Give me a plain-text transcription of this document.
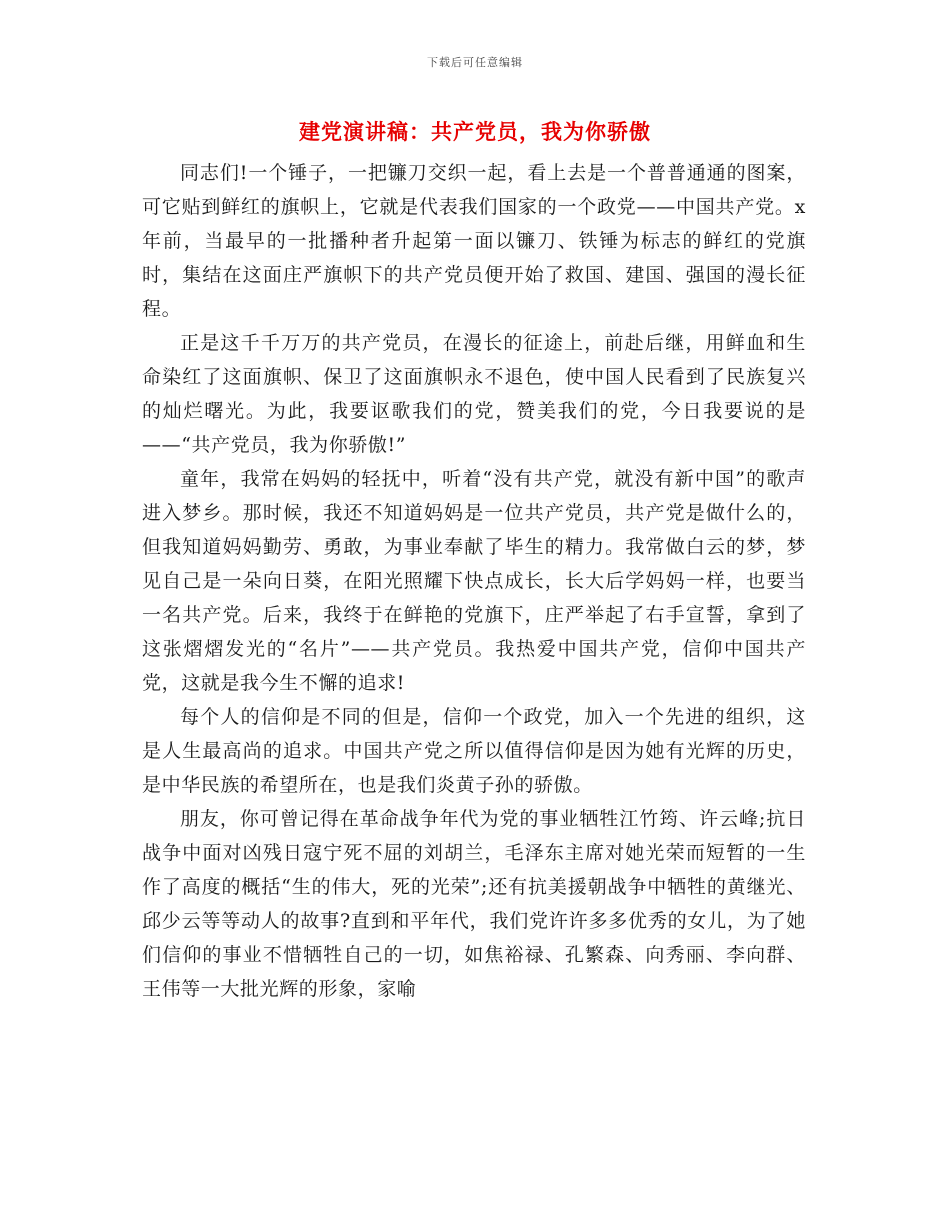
下载后可任意编辑
建党演讲稿：共产党员，我为你骄傲

同志们!一个锤子，一把镰刀交织一起，看上去是一个普普通通的图案，可它贴到鲜红的旗帜上，它就是代表我们国家的一个政党——中国共产党。x年前，当最早的一批播种者升起第一面以镰刀、铁锤为标志的鲜红的党旗时，集结在这面庄严旗帜下的共产党员便开始了救国、建国、强国的漫长征程。

正是这千千万万的共产党员，在漫长的征途上，前赴后继，用鲜血和生命染红了这面旗帜、保卫了这面旗帜永不退色，使中国人民看到了民族复兴的灿烂曙光。为此，我要讴歌我们的党，赞美我们的党，今日我要说的是——“共产党员，我为你骄傲!”

童年，我常在妈妈的轻抚中，听着“没有共产党，就没有新中国”的歌声进入梦乡。那时候，我还不知道妈妈是一位共产党员，共产党是做什么的，但我知道妈妈勤劳、勇敢，为事业奉献了毕生的精力。我常做白云的梦，梦见自己是一朵向日葵，在阳光照耀下快点成长，长大后学妈妈一样，也要当一名共产党。后来，我终于在鲜艳的党旗下，庄严举起了右手宣誓，拿到了这张熠熠发光的“名片”——共产党员。我热爱中国共产党，信仰中国共产党，这就是我今生不懈的追求!

每个人的信仰是不同的但是，信仰一个政党，加入一个先进的组织，这是人生最高尚的追求。中国共产党之所以值得信仰是因为她有光辉的历史，是中华民族的希望所在，也是我们炎黄子孙的骄傲。

朋友，你可曾记得在革命战争年代为党的事业牺牲江竹筠、许云峰;抗日战争中面对凶残日寇宁死不屈的刘胡兰，毛泽东主席对她光荣而短暂的一生作了高度的概括“生的伟大，死的光荣”;还有抗美援朝战争中牺牲的黄继光、邱少云等等动人的故事?直到和平年代，我们党许许多多优秀的女儿，为了她们信仰的事业不惜牺牲自己的一切，如焦裕禄、孔繁森、向秀丽、李向群、王伟等一大批光辉的形象，家喻
